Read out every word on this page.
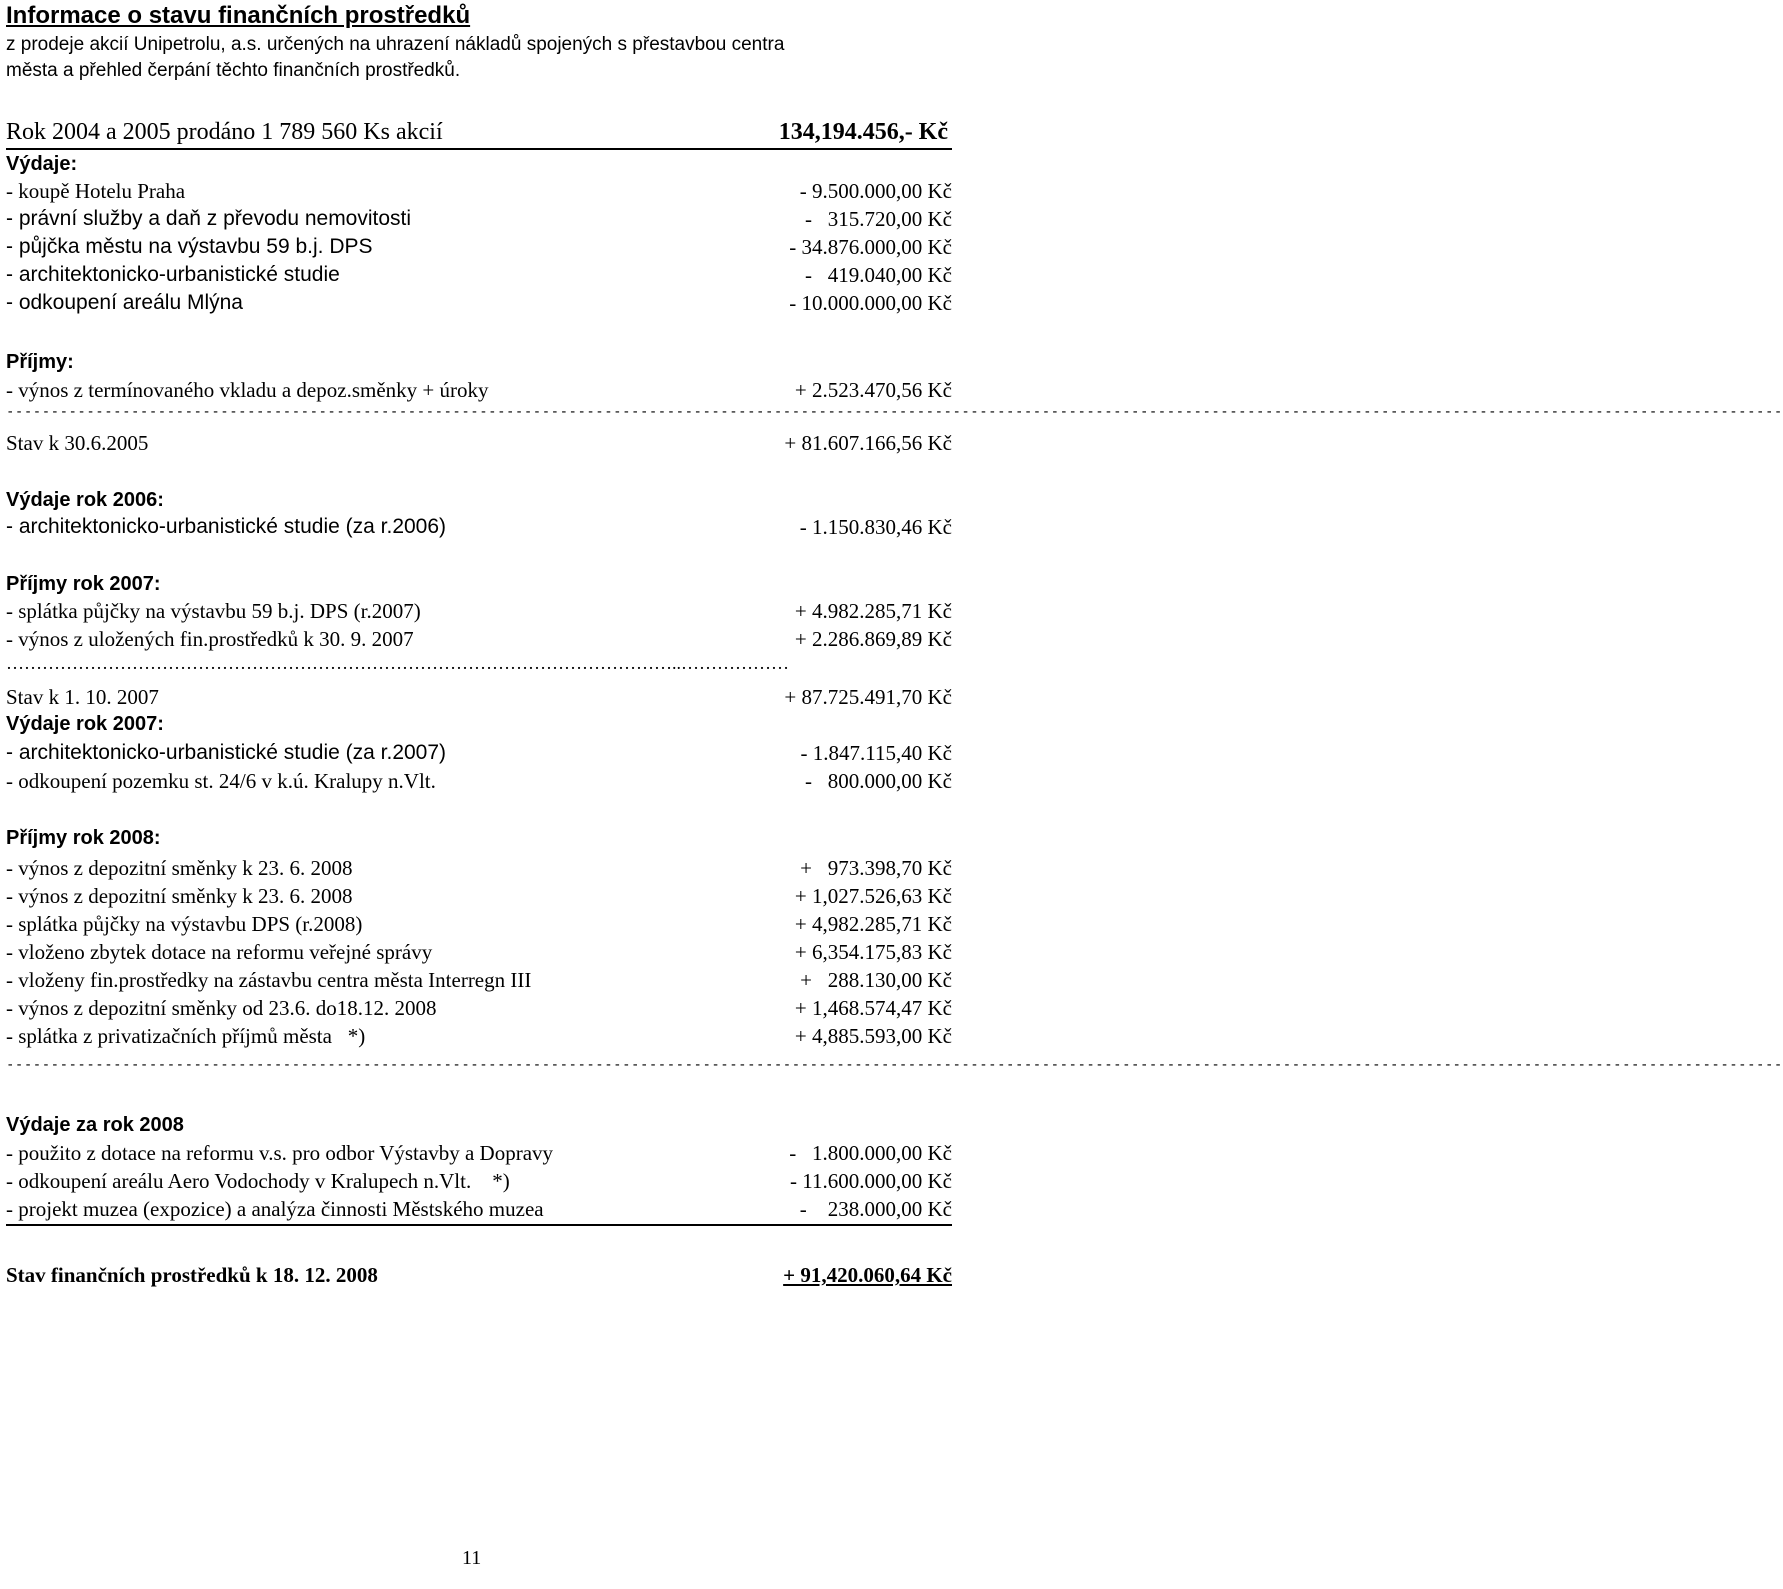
Informace o stavu finančních prostředků
z prodeje akcií Unipetrolu, a.s. určených na uhrazení nákladů spojených s přestavbou centra
města a přehled čerpání těchto finančních prostředků.
Rok 2004 a 2005 prodáno 1 789 560 Ks akcií	134,194.456,- Kč
Výdaje:
- koupě Hotelu Praha	- 9.500.000,00 Kč
- právní služby a daň z převodu nemovitosti	-   315.720,00 Kč
- půjčka městu na výstavbu 59 b.j. DPS	- 34.876.000,00 Kč
- architektonicko-urbanistické studie	-   419.040,00 Kč
- odkoupení areálu Mlýna	- 10.000.000,00 Kč
Příjmy:
- výnos z termínovaného vkladu a depoz.směnky + úroky	+ 2.523.470,56 Kč
-------------------------------------------------------------------------------------------------------------------------------------------------------------------------------------------------------
Stav k 30.6.2005	+ 81.607.166,56 Kč
Výdaje rok 2006:
- architektonicko-urbanistické studie (za r.2006)	- 1.150.830,46 Kč
Příjmy rok 2007:
- splátka půjčky na výstavbu 59 b.j. DPS (r.2007)	+ 4.982.285,71 Kč
- výnos z uložených fin.prostředků k 30. 9. 2007	+ 2.286.869,89 Kč
…………………………………………………………………………………………………..………………
Stav k 1. 10. 2007	+ 87.725.491,70 Kč
Výdaje rok 2007:
- architektonicko-urbanistické studie (za r.2007)	- 1.847.115,40 Kč
- odkoupení pozemku st. 24/6 v k.ú. Kralupy n.Vlt.	-   800.000,00 Kč
Příjmy rok 2008:
- výnos z depozitní směnky k 23. 6. 2008	+   973.398,70 Kč
- výnos z depozitní směnky k 23. 6. 2008	+ 1,027.526,63 Kč
- splátka půjčky na výstavbu DPS (r.2008)	+ 4,982.285,71 Kč
- vloženo zbytek dotace na reformu veřejné správy	+ 6,354.175,83 Kč
- vloženy fin.prostředky na zástavbu centra města Interregn III	+   288.130,00 Kč
- výnos z depozitní směnky od 23.6. do18.12. 2008	+ 1,468.574,47 Kč
- splátka z privatizačních příjmů města   *)	+ 4,885.593,00 Kč
-------------------------------------------------------------------------------------------------------------------------------------------------------------------------------------------------------
Výdaje za rok 2008
- použito z dotace na reformu v.s. pro odbor Výstavby a Dopravy	-   1.800.000,00 Kč
- odkoupení areálu Aero Vodochody v Kralupech n.Vlt.    *)	- 11.600.000,00 Kč
- projekt muzea (expozice) a analýza činnosti Městského muzea	-    238.000,00 Kč
Stav finančních prostředků k 18. 12. 2008	+ 91,420.060,64 Kč
11
